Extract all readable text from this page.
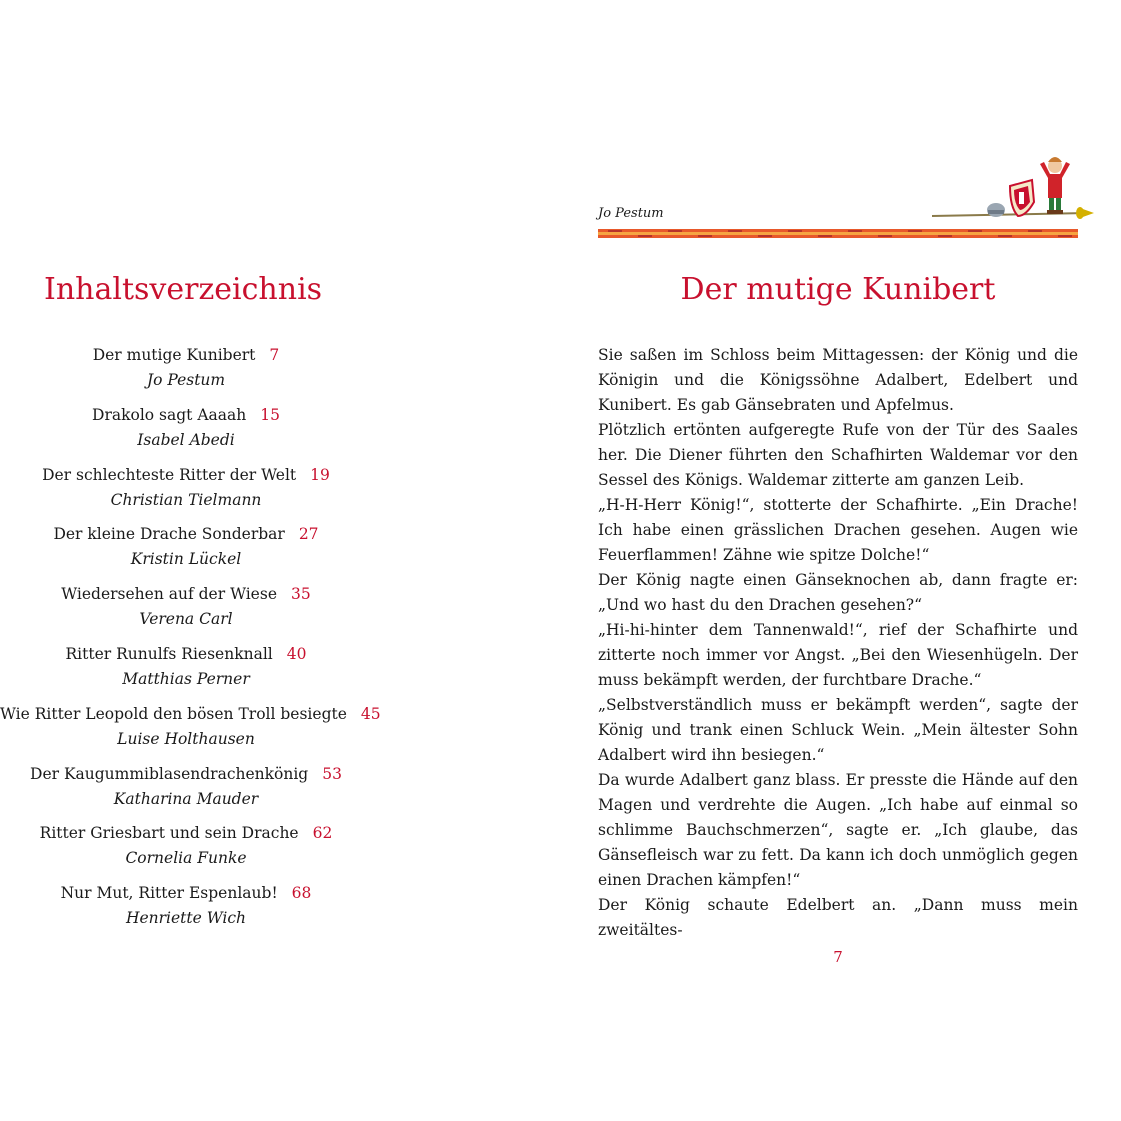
Inhaltsverzeichnis
Der mutige Kunibert 7
Jo Pestum
Drakolo sagt Aaaah 15
Isabel Abedi
Der schlechteste Ritter der Welt 19
Christian Tielmann
Der kleine Drache Sonderbar 27
Kristin Lückel
Wiedersehen auf der Wiese 35
Verena Carl
Ritter Runulfs Riesenknall 40
Matthias Perner
Wie Ritter Leopold den bösen Troll besiegte 45
Luise Holthausen
Der Kaugummiblasendrachenkönig 53
Katharina Mauder
Ritter Griesbart und sein Drache 62
Cornelia Funke
Nur Mut, Ritter Espenlaub! 68
Henriette Wich
Jo Pestum
Der mutige Kunibert

Sie saßen im Schloss beim Mittagessen: der König und die Königin und die Königssöhne Adalbert, Edelbert und Kunibert. Es gab Gänsebraten und Apfelmus.

Plötzlich ertönten aufgeregte Rufe von der Tür des Saales her. Die Diener führten den Schafhirten Waldemar vor den Sessel des Königs. Waldemar zitterte am ganzen Leib.

„H-H-Herr König!“, stotterte der Schafhirte. „Ein Drache! Ich habe einen grässlichen Drachen gesehen. Augen wie Feuerflammen! Zähne wie spitze Dolche!“

Der König nagte einen Gänseknochen ab, dann fragte er: „Und wo hast du den Drachen gesehen?“

„Hi-hi-hinter dem Tannenwald!“, rief der Schafhirte und zitterte noch immer vor Angst. „Bei den Wiesenhügeln. Der muss bekämpft werden, der furchtbare Drache.“

„Selbstverständlich muss er bekämpft werden“, sagte der König und trank einen Schluck Wein. „Mein ältester Sohn Adalbert wird ihn besiegen.“

Da wurde Adalbert ganz blass. Er presste die Hände auf den Magen und verdrehte die Augen. „Ich habe auf einmal so schlimme Bauchschmerzen“, sagte er. „Ich glaube, das Gänsefleisch war zu fett. Da kann ich doch unmöglich gegen einen Drachen kämpfen!“

Der König schaute Edelbert an. „Dann muss mein zweitältes-

7
